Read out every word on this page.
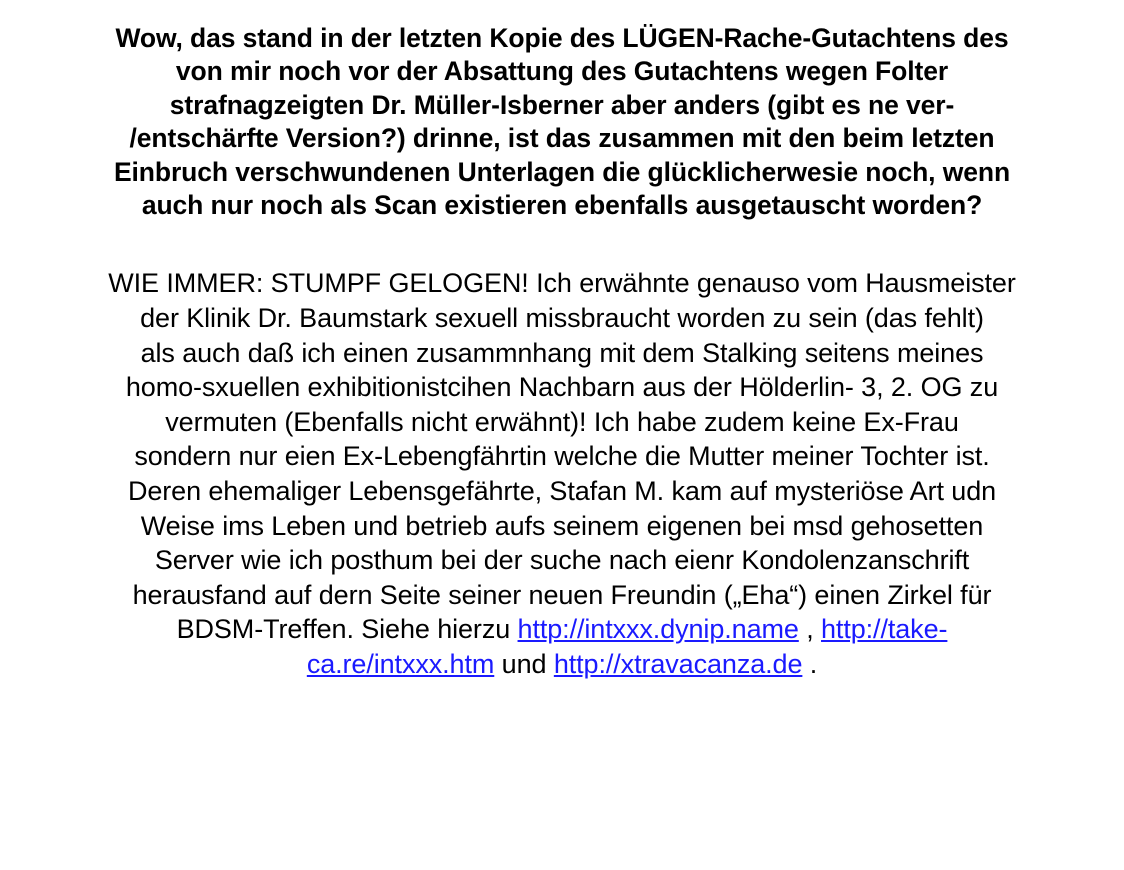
Wow, das stand in der letzten Kopie des LÜGEN-Rache-Gutachtens des
von mir noch vor der Absattung des Gutachtens wegen Folter
strafnagzeigten Dr. Müller-Isberner aber anders (gibt es ne ver-
/entschärfte Version?) drinne, ist das zusammen mit den beim letzten
Einbruch verschwundenen Unterlagen die glücklicherwesie noch, wenn
auch nur noch als Scan existieren ebenfalls ausgetauscht worden?

WIE IMMER: STUMPF GELOGEN! Ich erwähnte genauso vom Hausmeister
der Klinik Dr. Baumstark sexuell missbraucht worden zu sein (das fehlt)
als auch daß ich einen zusammnhang mit dem Stalking seitens meines
homo-sxuellen exhibitionistcihen Nachbarn aus der Hölderlin- 3, 2. OG zu
vermuten (Ebenfalls nicht erwähnt)! Ich habe zudem keine Ex-Frau
sondern nur eien Ex-Lebengfährtin welche die Mutter meiner Tochter ist.
Deren ehemaliger Lebensgefährte, Stafan M. kam auf mysteriöse Art udn
Weise ims Leben und betrieb aufs seinem eigenen bei msd gehosetten
Server wie ich posthum bei der suche nach eienr Kondolenzanschrift
herausfand auf dern Seite seiner neuen Freundin („Eha“) einen Zirkel für
BDSM-Treffen. Siehe hierzu http://intxxx.dynip.name , http://take-
ca.re/intxxx.htm und http://xtravacanza.de .
